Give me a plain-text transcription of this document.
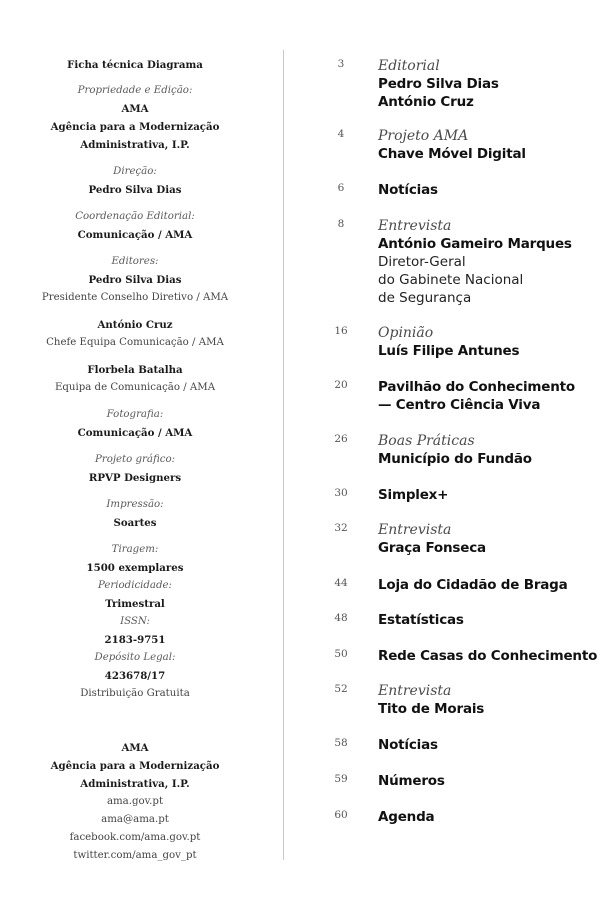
Ficha técnica Diagrama
Propriedade e Edição:
AMA
Agência para a Modernização
Administrativa, I.P.
Direção:
Pedro Silva Dias
Coordenação Editorial:
Comunicação / AMA
Editores:
Pedro Silva Dias
Presidente Conselho Diretivo / AMA
António Cruz
Chefe Equipa Comunicação / AMA
Florbela Batalha
Equipa de Comunicação / AMA
Fotografia:
Comunicação / AMA
Projeto gráfico:
RPVP Designers
Impressão:
Soartes
Tiragem:
1500 exemplares
Periodicidade:
Trimestral
ISSN:
2183-9751
Depósito Legal:
423678/17
Distribuição Gratuita
AMA
Agência para a Modernização
Administrativa, I.P.
ama.gov.pt
ama@ama.pt
facebook.com/ama.gov.pt
twitter.com/ama_gov_pt
3	Editorial
Pedro Silva Dias
António Cruz
4	Projeto AMA
Chave Móvel Digital
6	Notícias
8	Entrevista
António Gameiro Marques
Diretor-Geral
do Gabinete Nacional
de Segurança
16	Opinião
Luís Filipe Antunes
20	Pavilhão do Conhecimento
— Centro Ciência Viva
26	Boas Práticas
Município do Fundão
30	Simplex+
32	Entrevista
Graça Fonseca
44	Loja do Cidadão de Braga
48	Estatísticas
50	Rede Casas do Conhecimento
52	Entrevista
Tito de Morais
58	Notícias
59	Números
60	Agenda
